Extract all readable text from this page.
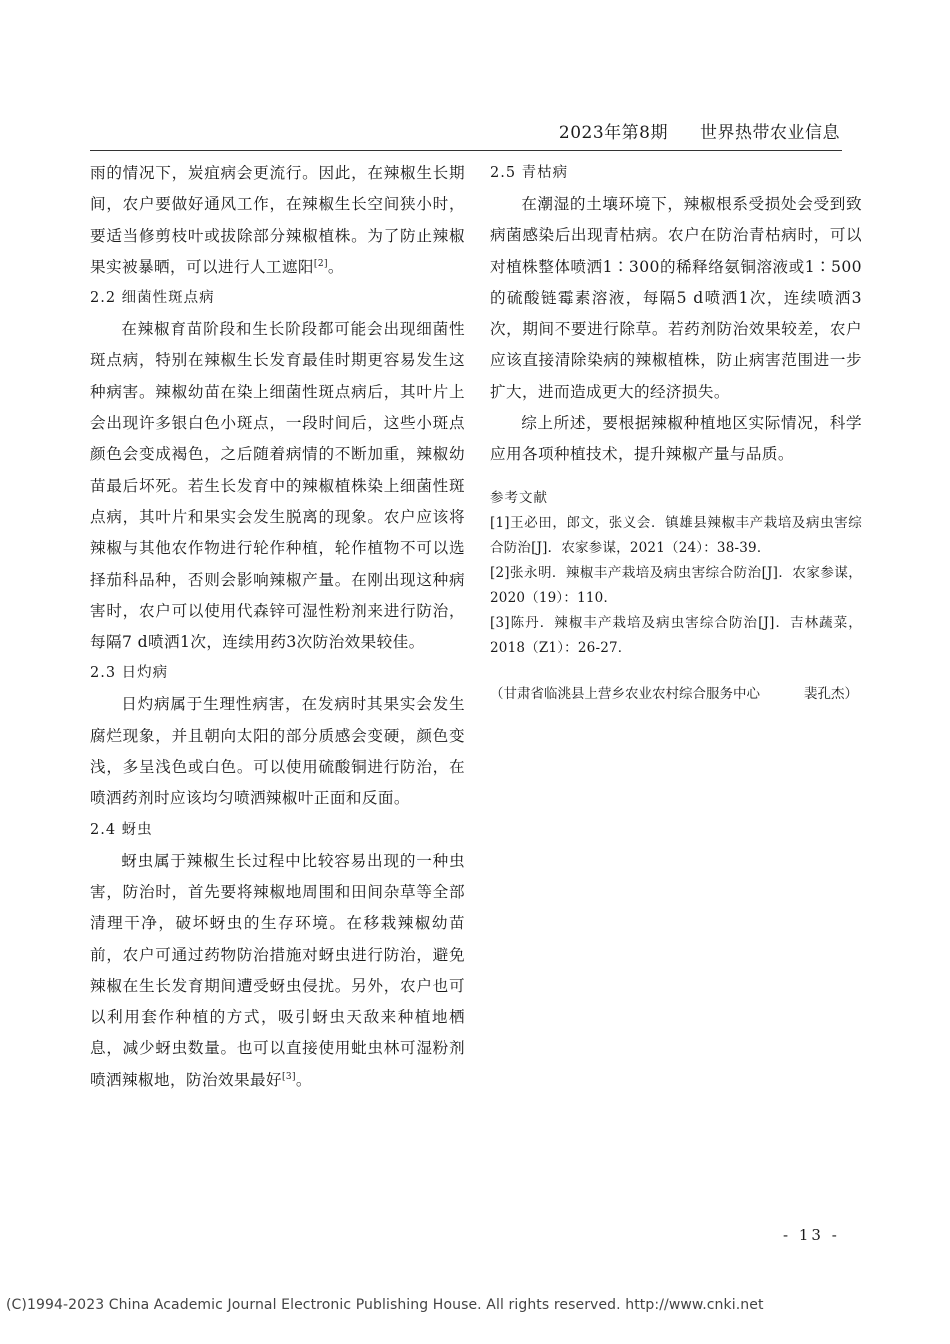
2023年第8期 世界热带农业信息

雨的情况下，炭疽病会更流行。因此，在辣椒生长期间，农户要做好通风工作，在辣椒生长空间狭小时，要适当修剪枝叶或拔除部分辣椒植株。为了防止辣椒果实被暴晒，可以进行人工遮阳[2]。

2.2 细菌性斑点病

在辣椒育苗阶段和生长阶段都可能会出现细菌性斑点病，特别在辣椒生长发育最佳时期更容易发生这种病害。辣椒幼苗在染上细菌性斑点病后，其叶片上会出现许多银白色小斑点，一段时间后，这些小斑点颜色会变成褐色，之后随着病情的不断加重，辣椒幼苗最后坏死。若生长发育中的辣椒植株染上细菌性斑点病，其叶片和果实会发生脱离的现象。农户应该将辣椒与其他农作物进行轮作种植，轮作植物不可以选择茄科品种，否则会影响辣椒产量。在刚出现这种病害时，农户可以使用代森锌可湿性粉剂来进行防治，每隔7 d喷洒1次，连续用药3次防治效果较佳。

2.3 日灼病

日灼病属于生理性病害，在发病时其果实会发生腐烂现象，并且朝向太阳的部分质感会变硬，颜色变浅，多呈浅色或白色。可以使用硫酸铜进行防治，在喷洒药剂时应该均匀喷洒辣椒叶正面和反面。

2.4 蚜虫

蚜虫属于辣椒生长过程中比较容易出现的一种虫害，防治时，首先要将辣椒地周围和田间杂草等全部清理干净，破坏蚜虫的生存环境。在移栽辣椒幼苗前，农户可通过药物防治措施对蚜虫进行防治，避免辣椒在生长发育期间遭受蚜虫侵扰。另外，农户也可以利用套作种植的方式，吸引蚜虫天敌来种植地栖息，减少蚜虫数量。也可以直接使用蚍虫林可湿粉剂喷洒辣椒地，防治效果最好[3]。

2.5 青枯病

在潮湿的土壤环境下，辣椒根系受损处会受到致病菌感染后出现青枯病。农户在防治青枯病时，可以对植株整体喷洒1∶300的稀释络氨铜溶液或1∶500的硫酸链霉素溶液，每隔5 d喷洒1次，连续喷洒3次，期间不要进行除草。若药剂防治效果较差，农户应该直接清除染病的辣椒植株，防止病害范围进一步扩大，进而造成更大的经济损失。

综上所述，要根据辣椒种植地区实际情况，科学应用各项种植技术，提升辣椒产量与品质。

参考文献

[1]王必田，郎文，张义会．镇雄县辣椒丰产栽培及病虫害综合防治[J]．农家参谋，2021（24）：38-39．

[2]张永明．辣椒丰产栽培及病虫害综合防治[J]．农家参谋，2020（19）：110．

[3]陈丹．辣椒丰产栽培及病虫害综合防治[J]．吉林蔬菜，2018（Z1）：26-27．

（甘肃省临洮县上营乡农业农村综合服务中心	裴孔杰）
- 13 -
(C)1994-2023 China Academic Journal Electronic Publishing House. All rights reserved. http://www.cnki.net
